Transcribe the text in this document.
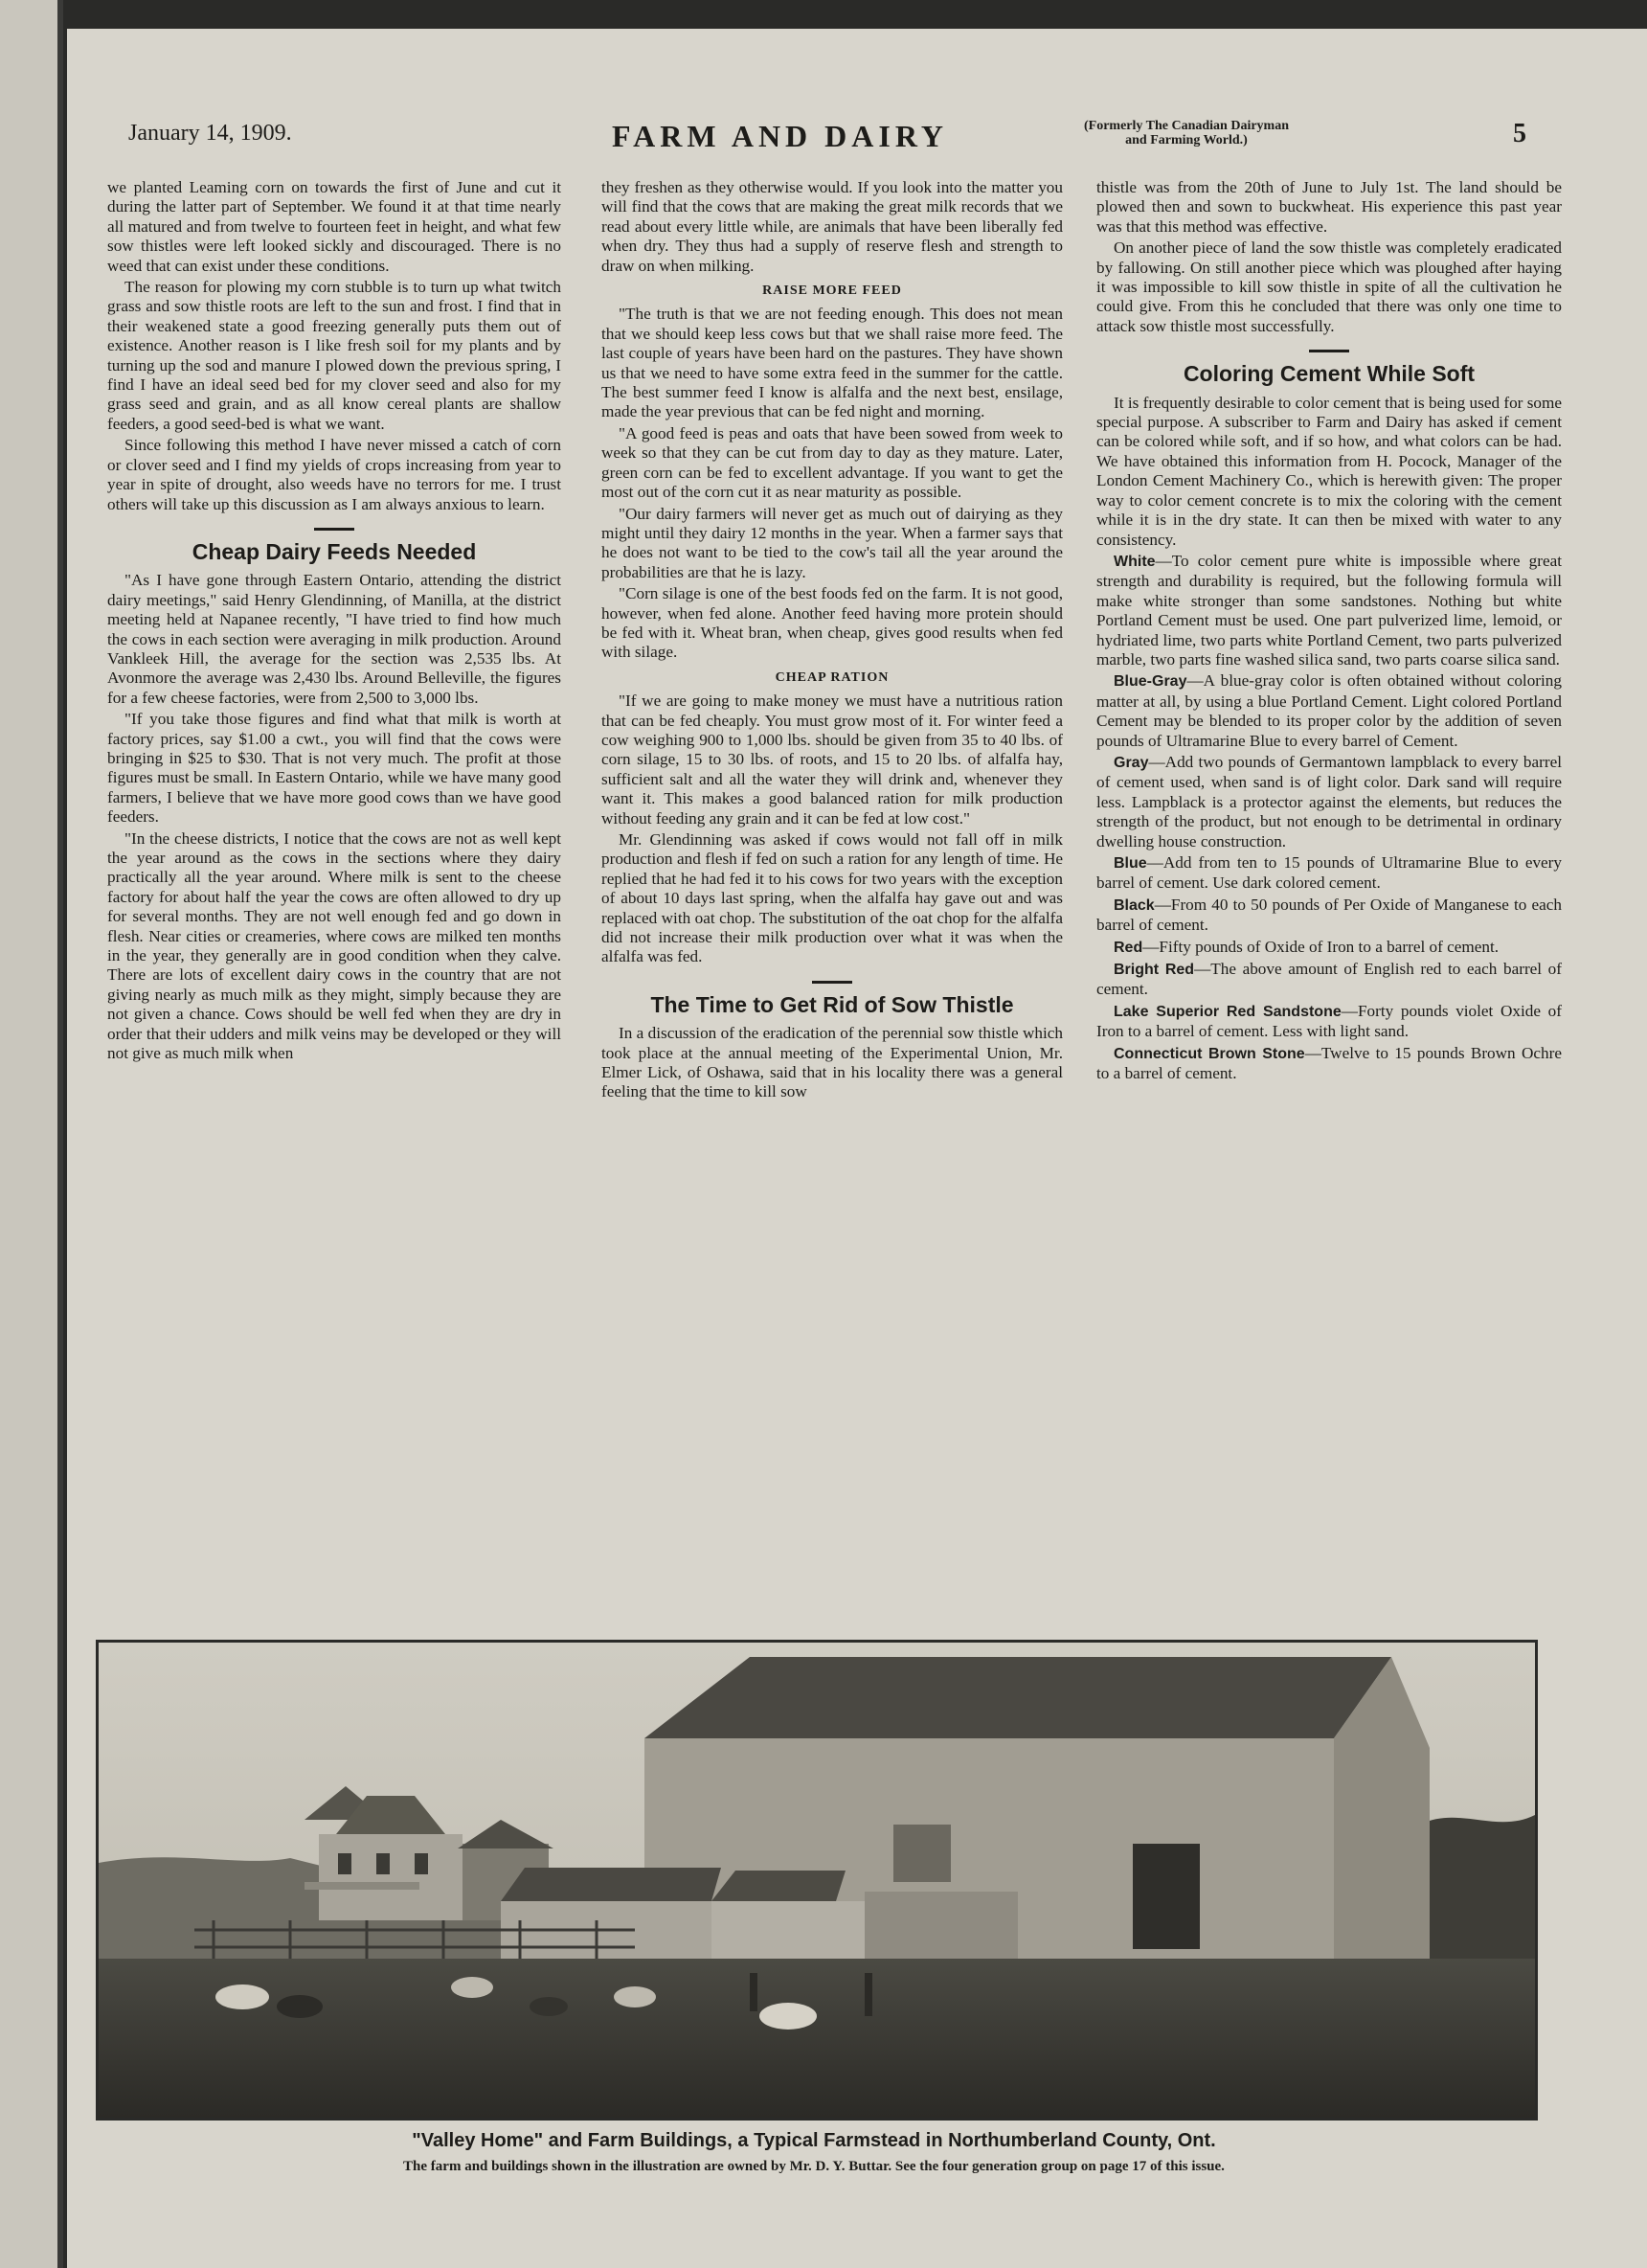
January 14, 1909.	FARM AND DAIRY	(Formerly The Canadian Dairyman
and Farming World.)	5

we planted Leaming corn on towards the first of June and cut it during the latter part of September. We found it at that time nearly all matured and from twelve to fourteen feet in height, and what few sow thistles were left looked sickly and discouraged. There is no weed that can exist under these conditions.

The reason for plowing my corn stubble is to turn up what twitch grass and sow thistle roots are left to the sun and frost. I find that in their weakened state a good freezing generally puts them out of existence. Another reason is I like fresh soil for my plants and by turning up the sod and manure I plowed down the previous spring, I find I have an ideal seed bed for my clover seed and also for my grass seed and grain, and as all know cereal plants are shallow feeders, a good seed-bed is what we want.

Since following this method I have never missed a catch of corn or clover seed and I find my yields of crops increasing from year to year in spite of drought, also weeds have no terrors for me. I trust others will take up this discussion as I am always anxious to learn.

Cheap Dairy Feeds Needed

"As I have gone through Eastern Ontario, attending the district dairy meetings," said Henry Glendinning, of Manilla, at the district meeting held at Napanee recently, "I have tried to find how much the cows in each section were averaging in milk production. Around Vankleek Hill, the average for the section was 2,535 lbs. At Avonmore the average was 2,430 lbs. Around Belleville, the figures for a few cheese factories, were from 2,500 to 3,000 lbs.

"If you take those figures and find what that milk is worth at factory prices, say $1.00 a cwt., you will find that the cows were bringing in $25 to $30. That is not very much. The profit at those figures must be small. In Eastern Ontario, while we have many good farmers, I believe that we have more good cows than we have good feeders.

"In the cheese districts, I notice that the cows are not as well kept the year around as the cows in the sections where they dairy practically all the year around. Where milk is sent to the cheese factory for about half the year the cows are often allowed to dry up for several months. They are not well enough fed and go down in flesh. Near cities or creameries, where cows are milked ten months in the year, they generally are in good condition when they calve. There are lots of excellent dairy cows in the country that are not giving nearly as much milk as they might, simply because they are not given a chance. Cows should be well fed when they are dry in order that their udders and milk veins may be developed or they will not give as much milk when

they freshen as they otherwise would. If you look into the matter you will find that the cows that are making the great milk records that we read about every little while, are animals that have been liberally fed when dry. They thus had a supply of reserve flesh and strength to draw on when milking.

RAISE MORE FEED

"The truth is that we are not feeding enough. This does not mean that we should keep less cows but that we shall raise more feed. The last couple of years have been hard on the pastures. They have shown us that we need to have some extra feed in the summer for the cattle. The best summer feed I know is alfalfa and the next best, ensilage, made the year previous that can be fed night and morning.

"A good feed is peas and oats that have been sowed from week to week so that they can be cut from day to day as they mature. Later, green corn can be fed to excellent advantage. If you want to get the most out of the corn cut it as near maturity as possible.

"Our dairy farmers will never get as much out of dairying as they might until they dairy 12 months in the year. When a farmer says that he does not want to be tied to the cow's tail all the year around the probabilities are that he is lazy.

"Corn silage is one of the best foods fed on the farm. It is not good, however, when fed alone. Another feed having more protein should be fed with it. Wheat bran, when cheap, gives good results when fed with silage.

CHEAP RATION

"If we are going to make money we must have a nutritious ration that can be fed cheaply. You must grow most of it. For winter feed a cow weighing 900 to 1,000 lbs. should be given from 35 to 40 lbs. of corn silage, 15 to 30 lbs. of roots, and 15 to 20 lbs. of alfalfa hay, sufficient salt and all the water they will drink and, whenever they want it. This makes a good balanced ration for milk production without feeding any grain and it can be fed at low cost."

Mr. Glendinning was asked if cows would not fall off in milk production and flesh if fed on such a ration for any length of time. He replied that he had fed it to his cows for two years with the exception of about 10 days last spring, when the alfalfa hay gave out and was replaced with oat chop. The substitution of the oat chop for the alfalfa did not increase their milk production over what it was when the alfalfa was fed.

The Time to Get Rid of Sow Thistle

In a discussion of the eradication of the perennial sow thistle which took place at the annual meeting of the Experimental Union, Mr. Elmer Lick, of Oshawa, said that in his locality there was a general feeling that the time to kill sow

thistle was from the 20th of June to July 1st. The land should be plowed then and sown to buckwheat. His experience this past year was that this method was effective.

On another piece of land the sow thistle was completely eradicated by fallowing. On still another piece which was ploughed after haying it was impossible to kill sow thistle in spite of all the cultivation he could give. From this he concluded that there was only one time to attack sow thistle most successfully.

Coloring Cement While Soft

It is frequently desirable to color cement that is being used for some special purpose. A subscriber to Farm and Dairy has asked if cement can be colored while soft, and if so how, and what colors can be had. We have obtained this information from H. Pocock, Manager of the London Cement Machinery Co., which is herewith given: The proper way to color cement concrete is to mix the coloring with the cement while it is in the dry state. It can then be mixed with water to any consistency.

White—To color cement pure white is impossible where great strength and durability is required, but the following formula will make white stronger than some sandstones. Nothing but white Portland Cement must be used. One part pulverized lime, lemoid, or hydriated lime, two parts white Portland Cement, two parts pulverized marble, two parts fine washed silica sand, two parts coarse silica sand.

Blue-Gray—A blue-gray color is often obtained without coloring matter at all, by using a blue Portland Cement. Light colored Portland Cement may be blended to its proper color by the addition of seven pounds of Ultramarine Blue to every barrel of Cement.

Gray—Add two pounds of Germantown lampblack to every barrel of cement used, when sand is of light color. Dark sand will require less. Lampblack is a protector against the elements, but reduces the strength of the product, but not enough to be detrimental in ordinary dwelling house construction.

Blue—Add from ten to 15 pounds of Ultramarine Blue to every barrel of cement. Use dark colored cement.

Black—From 40 to 50 pounds of Per Oxide of Manganese to each barrel of cement.

Red—Fifty pounds of Oxide of Iron to a barrel of cement.

Bright Red—The above amount of English red to each barrel of cement.

Lake Superior Red Sandstone—Forty pounds violet Oxide of Iron to a barrel of cement. Less with light sand.

Connecticut Brown Stone—Twelve to 15 pounds Brown Ochre to a barrel of cement.

"Valley Home" and Farm Buildings, a Typical Farmstead in Northumberland County, Ont.
The farm and buildings shown in the illustration are owned by Mr. D. Y. Buttar. See the four generation group on page 17 of this issue.
